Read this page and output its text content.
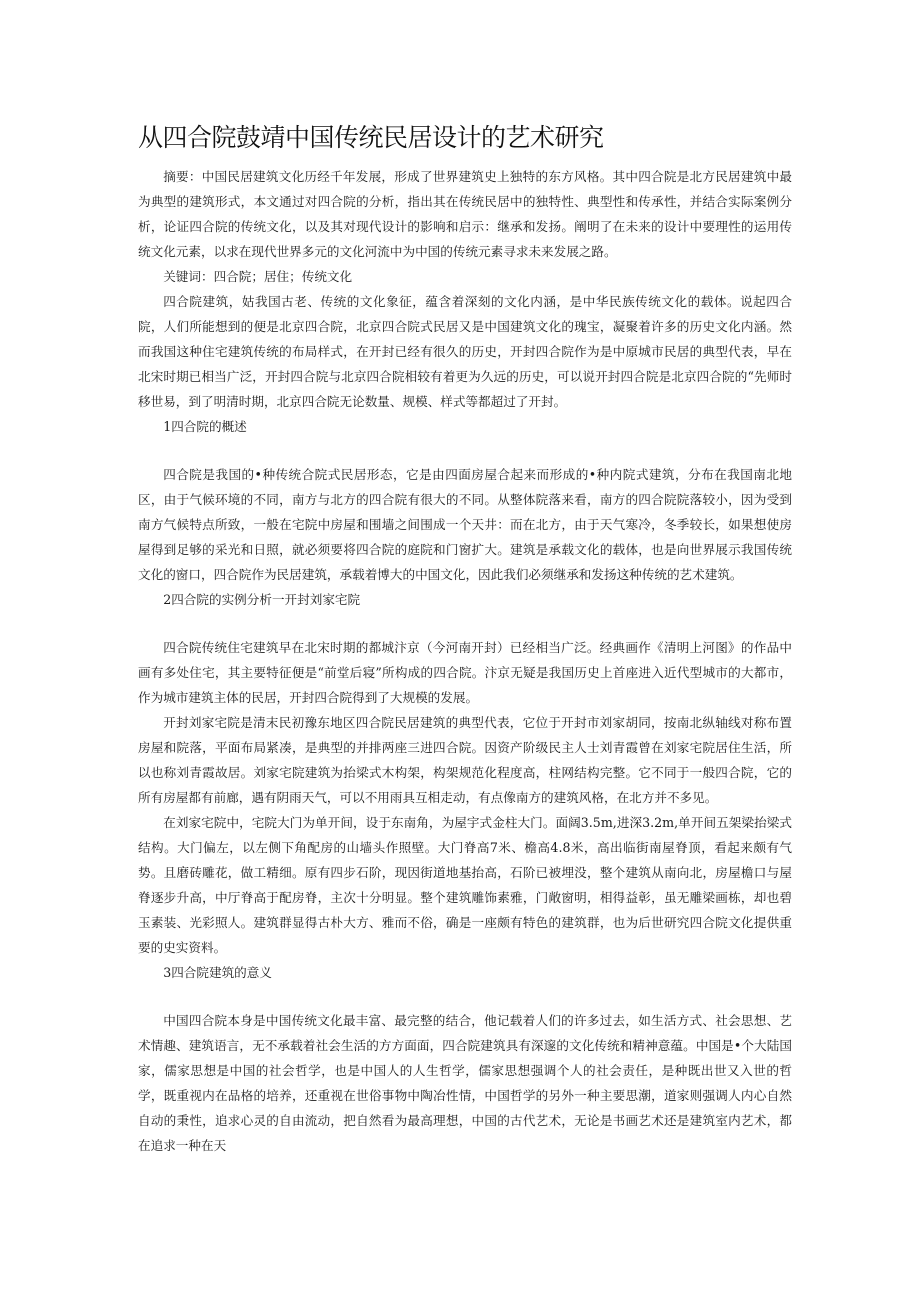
从四合院鼓靖中国传统民居设计的艺术研究

摘要：中国民居建筑文化历经千年发展，形成了世界建筑史上独特的东方风格。其中四合院是北方民居建筑中最为典型的建筑形式，本文通过对四合院的分析，指出其在传统民居中的独特性、典型性和传承性，并结合实际案例分析，论证四合院的传统文化，以及其对现代设计的影响和启示：继承和发扬。阐明了在未来的设计中要理性的运用传统文化元素，以求在现代世界多元的文化河流中为中国的传统元素寻求未来发展之路。

关键词：四合院；居住；传统文化

四合院建筑，姑我国古老、传统的文化象征，蕴含着深刻的文化内涵，是中华民族传统文化的载体。说起四合院，人们所能想到的便是北京四合院，北京四合院式民居又是中国建筑文化的瑰宝，凝聚着许多的历史文化内涵。然而我国这种住宅建筑传统的布局样式，在开封已经有很久的历史，开封四合院作为是中原城市民居的典型代表，早在北宋时期已相当广泛，开封四合院与北京四合院相较有着更为久远的历史，可以说开封四合院是北京四合院的“先师时移世易，到了明清时期，北京四合院无论数量、规模、样式等都超过了开封。

1四合院的概述

四合院是我国的•种传统合院式民居形态，它是由四面房屋合起来而形成的•种内院式建筑，分布在我国南北地区，由于气候环境的不同，南方与北方的四合院有很大的不同。从整体院落来看，南方的四合院院落较小，因为受到南方气候特点所致，一般在宅院中房屋和围墙之间围成一个天井：而在北方，由于天气寒冷，冬季较长，如果想使房屋得到足够的采光和日照，就必须要将四合院的庭院和门窗扩大。建筑是承载文化的载体，也是向世界展示我国传统文化的窗口，四合院作为民居建筑，承载着博大的中国文化，因此我们必须继承和发扬这种传统的艺术建筑。

2四合院的实例分析一开封刘家宅院

四合院传统住宅建筑早在北宋时期的都城汴京（今河南开封）已经相当广泛。经典画作《清明上河图》的作品中画有多处住宅，其主要特征便是“前堂后寝”所构成的四合院。汴京无疑是我国历史上首座进入近代型城市的大都市，作为城市建筑主体的民居，开封四合院得到了大规模的发展。

开封刘家宅院是清末民初豫东地区四合院民居建筑的典型代表，它位于开封市刘家胡同，按南北纵轴线对称布置房屋和院落，平面布局紧凑，是典型的并排两座三进四合院。因资产阶级民主人士刘青霞曾在刘家宅院居住生活，所以也称刘青霞故居。刘家宅院建筑为抬梁式木构架，构架规范化程度高，柱网结构完整。它不同于一般四合院，它的所有房屋都有前廊，遇有阴雨天气，可以不用雨具互相走动，有点像南方的建筑风格，在北方并不多见。

在刘家宅院中，宅院大门为单开间，设于东南角，为屋宇式金柱大门。面阔3.5m,进深3.2m,单开间五架梁抬梁式结构。大门偏左，以左侧下角配房的山墙头作照壁。大门脊高7米、檐高4.8米，高出临街南屋脊顶，看起来颇有气势。且磨砖雕花，做工精细。原有四步石阶，现因街道地基抬高，石阶已被埋没，整个建筑从南向北，房屋檐口与屋脊逐步升高，中厅脊高于配房脊，主次十分明显。整个建筑雕饰素雅，门敞窗明，相得益彰，虽无雕梁画栋，却也碧玉素装、光彩照人。建筑群显得古朴大方、雅而不俗，确是一座颇有特色的建筑群，也为后世研究四合院文化提供重要的史实资料。

3四合院建筑的意义

中国四合院本身是中国传统文化最丰富、最完整的结合，他记载着人们的许多过去，如生活方式、社会思想、艺术情趣、建筑语言，无不承载着社会生活的方方面面，四合院建筑具有深邃的文化传统和精神意蕴。中国是•个大陆国家，儒家思想是中国的社会哲学，也是中国人的人生哲学，儒家思想强调个人的社会责任，是种既出世又入世的哲学，既重视内在品格的培养，还重视在世俗事物中陶冶性情，中国哲学的另外一种主要思潮，道家则强调人内心自然自动的秉性，追求心灵的自由流动，把自然看为最高理想，中国的古代艺术，无论是书画艺术还是建筑室内艺术，都在追求一种在天
